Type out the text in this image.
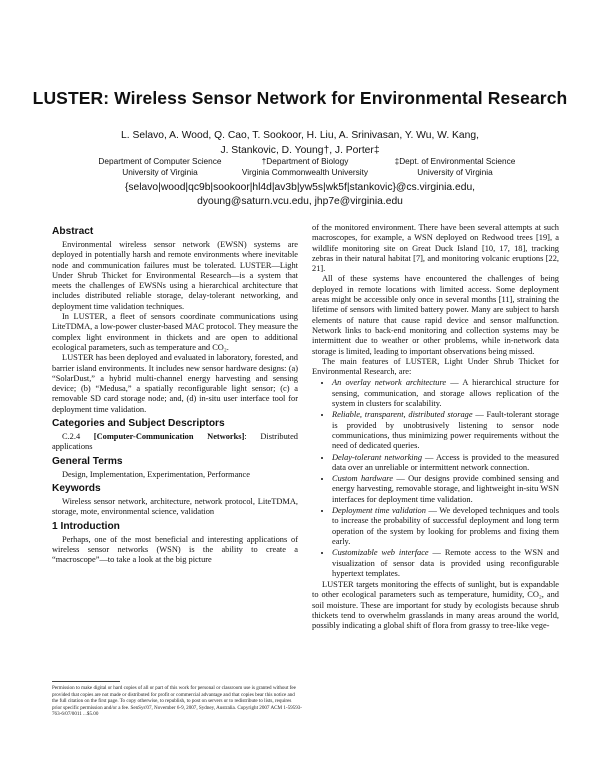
LUSTER: Wireless Sensor Network for Environmental Research
L. Selavo, A. Wood, Q. Cao, T. Sookoor, H. Liu, A. Srinivasan, Y. Wu, W. Kang,
J. Stankovic, D. Young†, J. Porter‡
Department of Computer Science
University of Virginia
†Department of Biology
Virginia Commonwealth University
‡Dept. of Environmental Science
University of Virginia
{selavo|wood|qc9b|sookoor|hl4d|av3b|yw5s|wk5f|stankovic}@cs.virginia.edu,
dyoung@saturn.vcu.edu, jhp7e@virginia.edu
Abstract

Environmental wireless sensor network (EWSN) systems are deployed in potentially harsh and remote environments where inevitable node and communication failures must be tolerated. LUSTER—Light Under Shrub Thicket for Environmental Research—is a system that meets the challenges of EWSNs using a hierarchical architecture that includes distributed reliable storage, delay-tolerant networking, and deployment time validation techniques.

In LUSTER, a fleet of sensors coordinate communications using LiteTDMA, a low-power cluster-based MAC protocol. They measure the complex light environment in thickets and are open to additional ecological parameters, such as temperature and CO₂.

LUSTER has been deployed and evaluated in laboratory, forested, and barrier island environments. It includes new sensor hardware designs: (a) “SolarDust,” a hybrid multi-channel energy harvesting and sensing device; (b) “Medusa,” a spatially reconfigurable light sensor; (c) a removable SD card storage node; and, (d) in-situ user interface tool for deployment time validation.

Categories and Subject Descriptors

C.2.4 [Computer-Communication Networks]: Distributed applications

General Terms

Design, Implementation, Experimentation, Performance

Keywords

Wireless sensor network, architecture, network protocol, LiteTDMA, storage, mote, environmental science, validation

1 Introduction

Perhaps, one of the most beneficial and interesting applications of wireless sensor networks (WSN) is the ability to create a “macroscope”—to take a look at the big picture

Permission to make digital or hard copies of all or part of this work for personal or classroom use is granted without fee provided that copies are not made or distributed for profit or commercial advantage and that copies bear this notice and the full citation on the first page. To copy otherwise, to republish, to post on servers or to redistribute to lists, requires prior specific permission and/or a fee. SenSys'07, November 6-9, 2007, Sydney, Australia. Copyright 2007 ACM 1-59593-763-6/07/0011 ...$5.00

of the monitored environment. There have been several attempts at such macroscopes, for example, a WSN deployed on Redwood trees [19], a wildlife monitoring site on Great Duck Island [10, 17, 18], tracking zebras in their natural habitat [7], and monitoring volcanic eruptions [22, 21].

All of these systems have encountered the challenges of being deployed in remote locations with limited access. Some deployment areas might be accessible only once in several months [11], straining the lifetime of sensors with limited battery power. Many are subject to harsh elements of nature that cause rapid device and sensor malfunction. Network links to back-end monitoring and collection systems may be intermittent due to weather or other problems, while in-network data storage is limited, leading to important observations being missed.

The main features of LUSTER, Light Under Shrub Thicket for Environmental Research, are:

• An overlay network architecture — A hierarchical structure for sensing, communication, and storage allows replication of the system in clusters for scalability.
• Reliable, transparent, distributed storage — Fault-tolerant storage is provided by unobtrusively listening to sensor node communications, thus minimizing power requirements without the need of dedicated queries.
• Delay-tolerant networking — Access is provided to the measured data over an unreliable or intermittent network connection.
• Custom hardware — Our designs provide combined sensing and energy harvesting, removable storage, and lightweight in-situ WSN interfaces for deployment time validation.
• Deployment time validation — We developed techniques and tools to increase the probability of successful deployment and long term operation of the system by looking for problems and fixing them early.
• Customizable web interface — Remote access to the WSN and visualization of sensor data is provided using reconfigurable hypertext templates.

LUSTER targets monitoring the effects of sunlight, but is expandable to other ecological parameters such as temperature, humidity, CO₂, and soil moisture. These are important for study by ecologists because shrub thickets tend to overwhelm grasslands in many areas around the world, possibly indicating a global shift of flora from grassy to tree-like vege-
